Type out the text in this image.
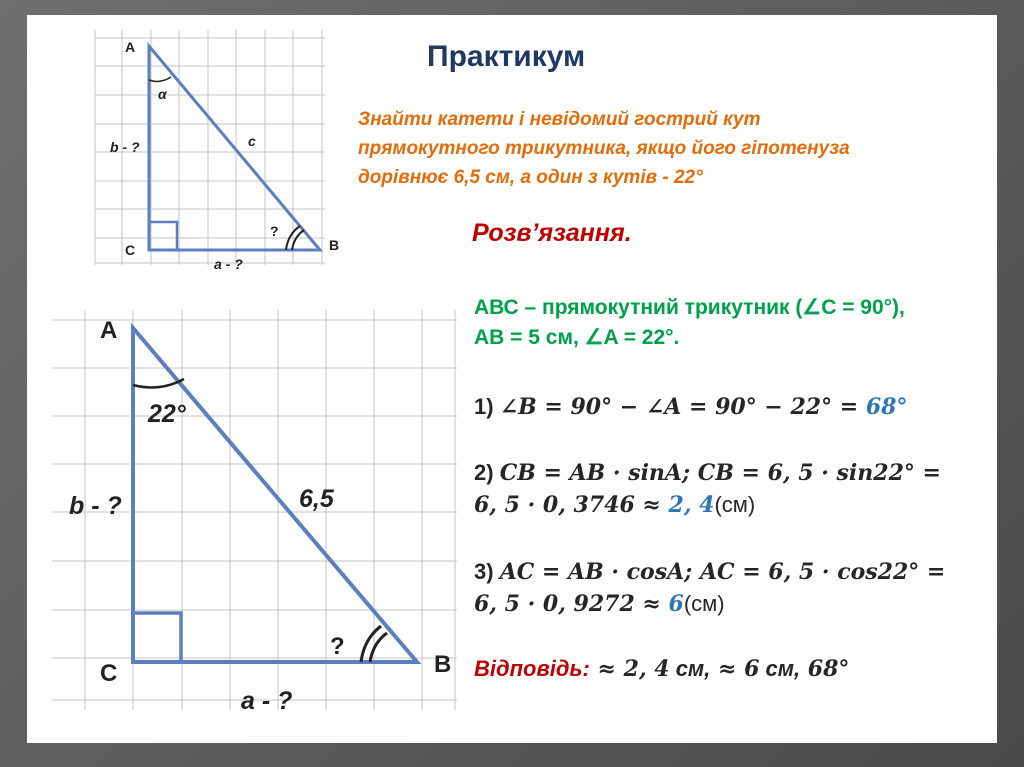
A
B
C
α
c
b - ?
a - ?
?
A
B
C
22°
6,5
b - ?
a - ?
?
Практикум
Знайти катети і невідомий гострий кут
прямокутного трикутника, якщо його гіпотенуза
дорівнює 6,5 см, а один з кутів - 22°
Розв’язання.
АВС – прямокутний трикутник (∠C = 90°),
АВ = 5 см, ∠A = 22°.
1) ∠B = 90° − ∠A = 90° − 22° = 68°
2) CB = AB · sinA; CB = 6, 5 · sin22° =
6, 5 · 0, 3746 ≈ 2, 4(см)
3) AC = AB · cosA; AC = 6, 5 · cos22° =
6, 5 · 0, 9272 ≈ 6(см)
Відповідь: ≈ 2, 4 см, ≈ 6 см, 68°
